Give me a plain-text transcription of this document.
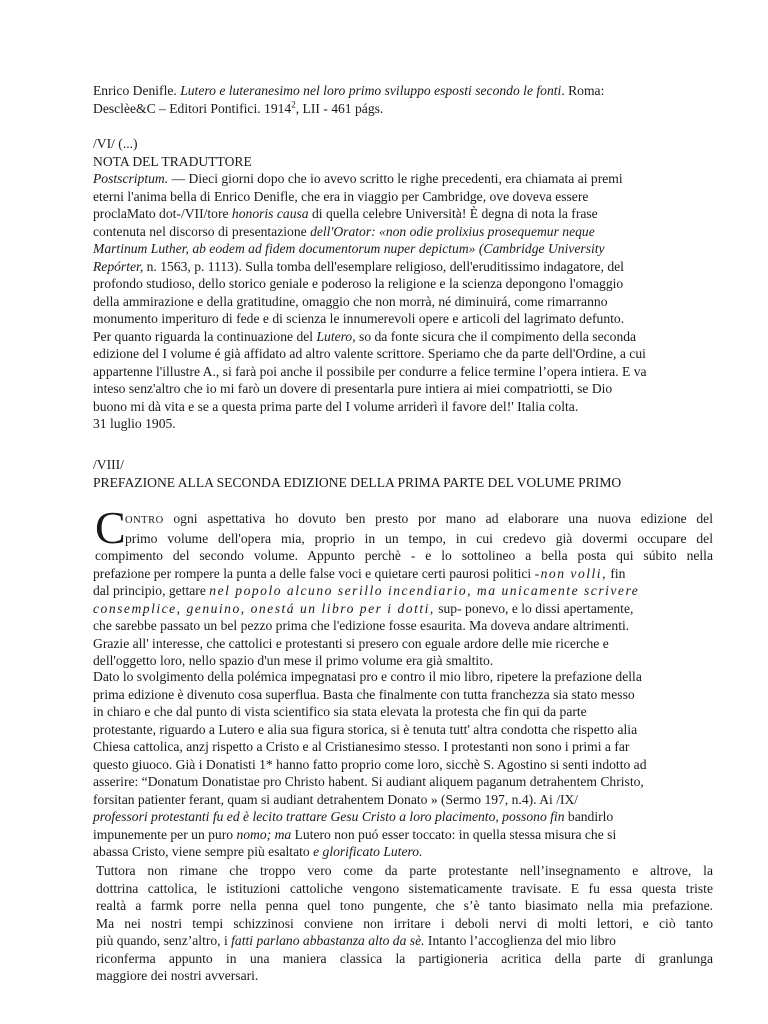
Enrico Denifle. Lutero e luteranesimo nel loro primo sviluppo esposti secondo le fonti. Roma:
Desclèe&C – Editori Pontifici. 1914$^2$, LII - 461 págs.
/VI/ (...)
NOTA DEL TRADUTTORE
Postscriptum. — Dieci giorni dopo che io avevo scritto le righe precedenti, era chiamata ai premi
eterni l'anima bella di Enrico Denifle, che era in viaggio per Cambridge, ove doveva essere
proclaMato dot-/VII/tore honoris causa di quella celebre Università! È degna di nota la frase
contenuta nel discorso di presentazione dell'Orator: «non odie prolixius prosequemur neque
Martinum Luther, ab eodem ad fidem documentorum nuper depictum» (Cambridge University
Repórter, n. 1563, p. 1113). Sulla tomba dell'esemplare religioso, dell'eruditissimo indagatore, del
profondo studioso, dello storico geniale e poderoso la religione e la scienza depongono l'omaggio
della ammirazione e della gratitudine, omaggio che non morrà, né diminuirá, come rimarranno
monumento imperituro di fede e di scienza le innumerevoli opere e articoli del lagrimato defunto.
Per quanto riguarda la continuazione del Lutero, so da fonte sicura che il compimento della seconda
edizione del I volume é già affidato ad altro valente scrittore. Speriamo che da parte dell'Ordine, a cui
appartenne l'illustre A., si farà poi anche il possibile per condurre a felice termine l’opera intiera. E va
inteso senz'altro che io mi farò un dovere di presentarla pure intiera ai miei compatriotti, se Dio
buono mi dà vita e se a questa prima parte del I volume arriderì il favore del!' Italia colta.
31 luglio 1905.
/VIII/
PREFAZIONE ALLA SECONDA EDIZIONE DELLA PRIMA PARTE DEL VOLUME PRIMO
C ONTRO ogni aspettativa ho dovuto ben presto por mano ad elaborare una nuova edizione del
primo volume dell'opera mia, proprio in un tempo, in cui credevo già dovermi occupare del
compimento del secondo volume. Appunto perchè - e lo sottolineo a bella posta qui súbito nella
prefazione per rompere la punta a delle false voci e quietare certi paurosi politici -non volli, fin
dal principio, gettare nel popolo alcuno serillo incendiario, ma unicamente scrivere
consemplice, genuino, onestá un libro per i dotti, sup- ponevo, e lo dissi apertamente,
che sarebbe passato un bel pezzo prima che l'edizione fosse esaurita. Ma doveva andare altrimenti.
Grazie all' interesse, che cattolici e protestanti si presero con eguale ardore delle mie ricerche e
dell'oggetto loro, nello spazio d'un mese il primo volume era già smaltito.
Dato lo svolgimento della polémica impegnatasi pro e contro il mio libro, ripetere la prefazione della
prima edizione è divenuto cosa superflua. Basta che finalmente con tutta franchezza sia stato messo
in chiaro e che dal punto di vista scientifico sia stata elevata la protesta che fin qui da parte
protestante, riguardo a Lutero e alia sua figura storica, si è tenuta tutt' altra condotta che rispetto alia
Chiesa cattolica, anzj rispetto a Cristo e al Cristianesimo stesso. I protestanti non sono i primi a far
questo giuoco. Già i Donatisti 1* hanno fatto proprio come loro, sicchè S. Agostino si senti indotto ad
asserire: “Donatum Donatistae pro Christo habent. Si audiant aliquem paganum detrahentem Christo,
forsitan patienter ferant, quam si audiant detrahentem Donato » (Sermo 197, n.4). Ai /IX/
professori protestanti fu ed è lecito trattare Gesu Cristo a loro placimento, possono fin bandirlo
impunemente per un puro nomo; ma Lutero non puó esser toccato: in quella stessa misura che si
abassa Cristo, viene sempre più esaltato e glorificato Lutero.
Tuttora non rimane che troppo vero come da parte protestante nell’insegnamento e altrove, la
dottrina cattolica, le istituzioni cattoliche vengono sistematicamente travisate. E fu essa questa triste
realtà a farmk porre nella penna quel tono pungente, che s’è tanto biasimato nella mia prefazione.
Ma nei nostri tempi schizzinosi conviene non irritare i deboli nervi di molti lettori, e ciò tanto
più quando, senz’altro, i fatti parlano abbastanza alto da sè. Intanto l’accoglienza del mio libro
riconferma appunto in una maniera classica la partigioneria acritica della parte di granlunga
maggiore dei nostri avversari.
